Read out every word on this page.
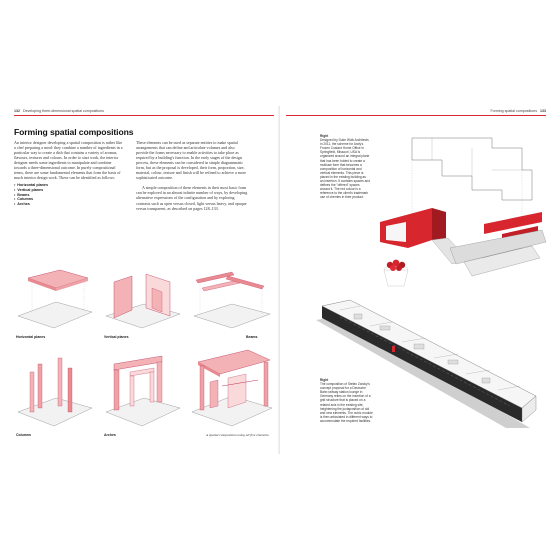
132 Developing three-dimensional spatial compositions
Forming spatial compositions

An interior designer developing a spatial composition is rather like a chef preparing a meal: they combine a number of ingredients in a particular way to create a dish that contains a variety of aromas, flavours, textures and colours. In order to start work, the interior designer needs some ingredients to manipulate and combine towards a three-dimensional outcome. In purely compositional terms, there are some fundamental elements that form the basis of much interior design work. These can be identified as follows:

• Horizontal planes
• Vertical planes
• Beams
• Columns
• Arches

These elements can be used as separate entities to make spatial arrangements that can define and articulate volumes and also provide the forms necessary to enable activities to take place as required by a building's function. In the early stages of the design process, these elements can be considered in simple diagrammatic form, but as the proposal is developed, their form, proportion, size, material, colour, texture and finish will be refined to achieve a more sophisticated outcome.

A simple composition of these elements in their most basic form can be explored in an almost infinite number of ways, by developing alternative expressions of the configuration and by exploring contrasts such as open versus closed, light versus heavy, and opaque versus transparent, as described on pages 128–133.

Horizontal planes	Vertical planes	Beams
Columns	Arches	A spatial composition using all five elements.
Forming spatial compositions 133
Right
Designed by Duke Wolk Architects in 2011, the scheme for Andy's Frozen Custard Home Office in Springfield, Missouri, USA is organized around an integral plane that has been folded to create a multiuse form that becomes a composition of horizontal and vertical elements. This piece is placed in the existing building as an insertion. It contains spaces and defines the "offered" spaces around it. The red colour is a reference to the client's trademark use of cherries in their product.
Right
The composition of Stefan Zwicky's concept proposal for a Deutsche Bahn railway station lounge in Germany relies on the insertion of a grid structure that is placed on a related axis in the existing site, heightening the juxtaposition of old and new elements. The cubic module is then articulated in different ways to accommodate the required facilities.
